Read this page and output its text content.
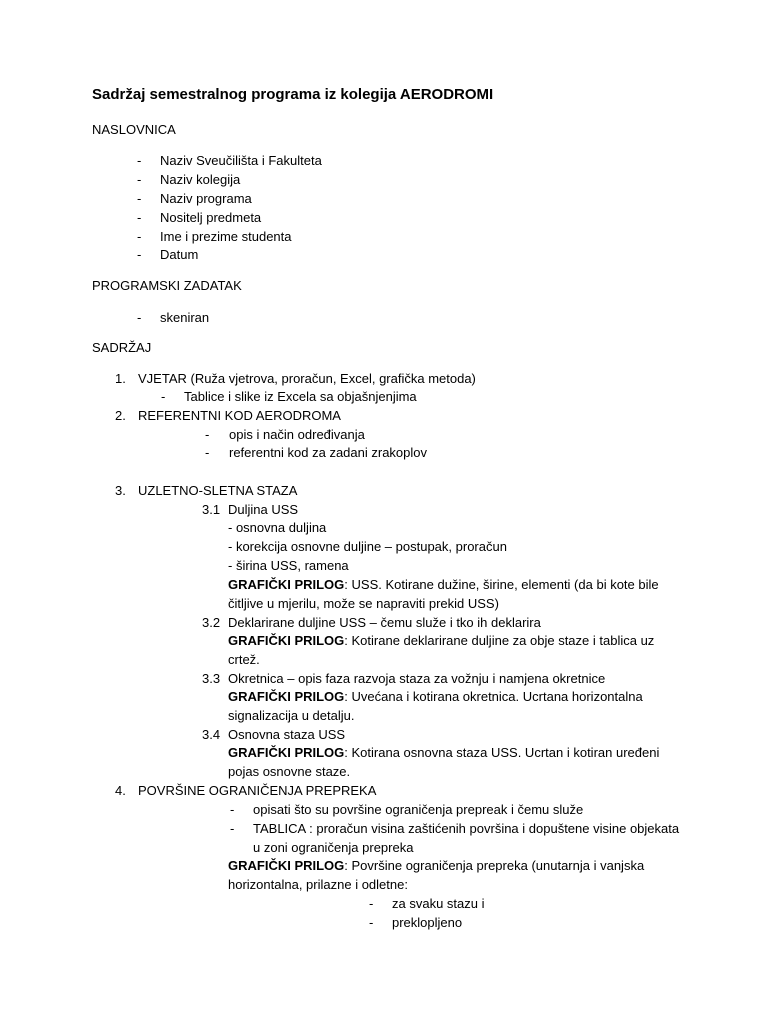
Sadržaj semestralnog programa iz kolegija AERODROMI
NASLOVNICA
- Naziv Sveučilišta i Fakulteta
- Naziv kolegija
- Naziv programa
- Nositelj predmeta
- Ime i prezime studenta
- Datum
PROGRAMSKI ZADATAK
- skeniran
SADRŽAJ
1. VJETAR (Ruža vjetrova, proračun, Excel, grafička metoda)
- Tablice i slike iz Excela sa objašnjenjima
2. REFERENTNI KOD AERODROMA
- opis i način određivanja
- referentni kod za zadani zrakoplov
3. UZLETNO-SLETNA STAZA
3.1 Duljina USS
- osnovna duljina
- korekcija osnovne duljine – postupak, proračun
- širina USS, ramena
GRAFIČKI PRILOG: USS. Kotirane dužine, širine, elementi (da bi kote bile
čitljive u mjerilu, može se napraviti prekid USS)
3.2 Deklarirane duljine USS – čemu služe i tko ih deklarira
GRAFIČKI PRILOG: Kotirane deklarirane duljine za obje staze i tablica uz
crtež.
3.3 Okretnica – opis faza razvoja staza za vožnju i namjena okretnice
GRAFIČKI PRILOG: Uvećana i kotirana okretnica. Ucrtana horizontalna
signalizacija u detalju.
3.4 Osnovna staza USS
GRAFIČKI PRILOG: Kotirana osnovna staza USS. Ucrtan i kotiran uređeni
pojas osnovne staze.
4. POVRŠINE OGRANIČENJA PREPREKA
- opisati što su površine ograničenja prepreak i čemu služe
- TABLICA : proračun visina zaštićenih površina i dopuštene visine objekata
u zoni ograničenja prepreka
GRAFIČKI PRILOG: Površine ograničenja prepreka (unutarnja i vanjska
horizontalna, prilazne i odletne:
- za svaku stazu i
- preklopljeno
